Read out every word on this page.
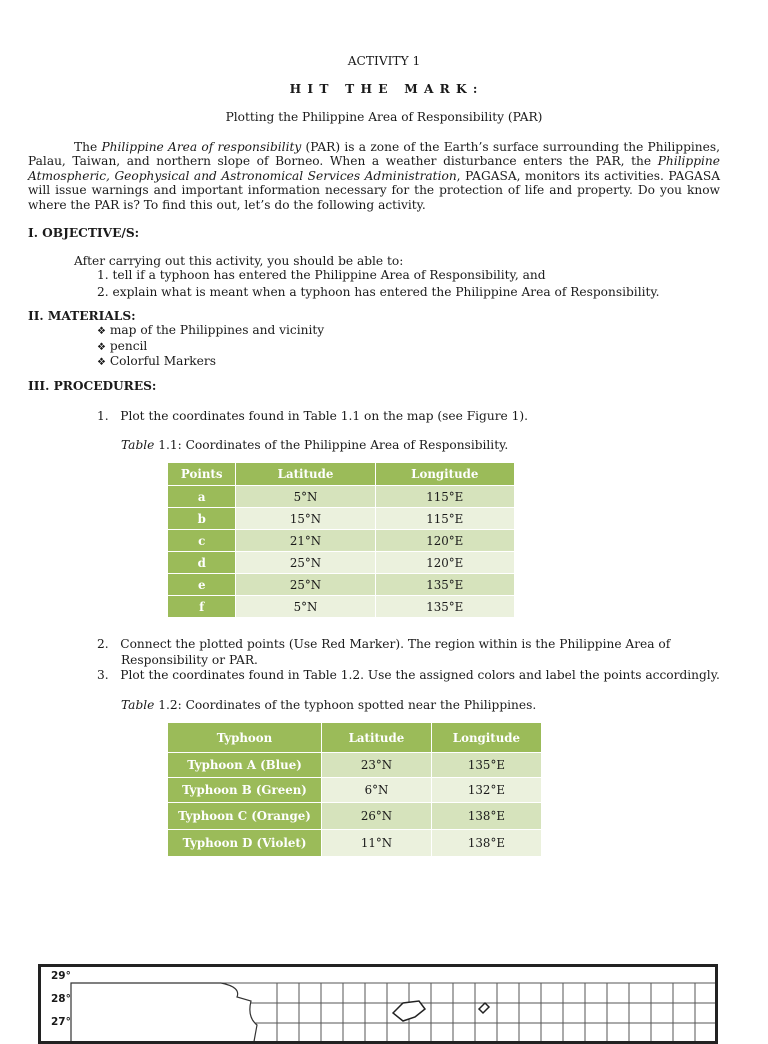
ACTIVITY 1
H I T   T H E   M A R K :
Plotting the Philippine Area of Responsibility (PAR)

The Philippine Area of responsibility (PAR) is a zone of the Earth’s surface surrounding the Philippines, Palau, Taiwan, and northern slope of Borneo. When a weather disturbance enters the PAR, the Philippine Atmospheric, Geophysical and Astronomical Services Administration, PAGASA, monitors its activities. PAGASA will issue warnings and important information necessary for the protection of life and property. Do you know where the PAR is? To find this out, let’s do the following activity.

I. OBJECTIVE/S:
After carrying out this activity, you should be able to:
1. tell if a typhoon has entered the Philippine Area of Responsibility, and
2. explain what is meant when a typhoon has entered the Philippine Area of Responsibility.
II. MATERIALS:
❖ map of the Philippines and vicinity
❖ pencil
❖ Colorful Markers
III. PROCEDURES:
1.   Plot the coordinates found in Table 1.1 on the map (see Figure 1).
Table 1.1: Coordinates of the Philippine Area of Responsibility.
Points	Latitude	Longitude
a	5°N	115°E
b	15°N	115°E
c	21°N	120°E
d	25°N	120°E
e	25°N	135°E
f	5°N	135°E
2.   Connect the plotted points (Use Red Marker). The region within is the Philippine Area of
Responsibility or PAR.
3.   Plot the coordinates found in Table 1.2. Use the assigned colors and label the points accordingly.
Table 1.2: Coordinates of the typhoon spotted near the Philippines.
Typhoon	Latitude	Longitude
Typhoon A (Blue)	23°N	135°E
Typhoon B (Green)	6°N	132°E
Typhoon C (Orange)	26°N	138°E
Typhoon D (Violet)	11°N	138°E
29°
28°
27°
